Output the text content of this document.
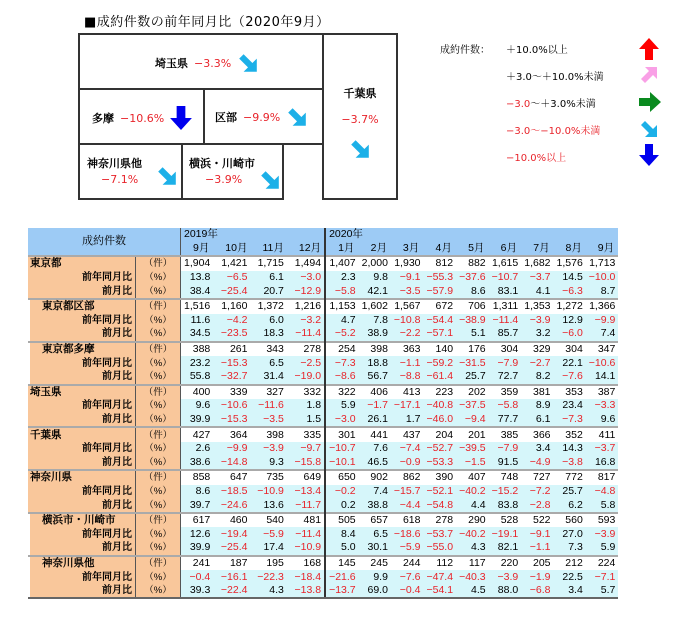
■成約件数の前年同月比（2020年9月）
埼玉県 −3.3%
多摩 −10.6%	区部 −9.9%
神奈川県他
−7.1%
横浜・川崎市
−3.9%
千葉県
−3.7%
成約件数： ＋10.0%以上
＋3.0～＋10.0%未満
−3.0～＋3.0%未満
−3.0～−10.0%未満
−10.0%以上
成約件数		2019年				2020年								
		9月	10月	11月	12月	1月	2月	3月	4月	5月	6月	7月	8月	9月
東京都	（件）	1,904	1,421	1,715	1,494	1,407	2,000	1,930	812	882	1,615	1,682	1,576	1,713
前年同月比	（%）	13.8	−6.5	6.1	−3.0	2.3	9.8	−9.1	−55.3	−37.6	−10.7	−3.7	14.5	−10.0
前月比	（%）	38.4	−25.4	20.7	−12.9	−5.8	42.1	−3.5	−57.9	8.6	83.1	4.1	−6.3	8.7
東京都区部	（件）	1,516	1,160	1,372	1,216	1,153	1,602	1,567	672	706	1,311	1,353	1,272	1,366
前年同月比	（%）	11.6	−4.2	6.0	−3.2	4.7	7.8	−10.8	−54.4	−38.9	−11.4	−3.9	12.9	−9.9
前月比	（%）	34.5	−23.5	18.3	−11.4	−5.2	38.9	−2.2	−57.1	5.1	85.7	3.2	−6.0	7.4
東京都多摩	（件）	388	261	343	278	254	398	363	140	176	304	329	304	347
前年同月比	（%）	23.2	−15.3	6.5	−2.5	−7.3	18.8	−1.1	−59.2	−31.5	−7.9	−2.7	22.1	−10.6
前月比	（%）	55.8	−32.7	31.4	−19.0	−8.6	56.7	−8.8	−61.4	25.7	72.7	8.2	−7.6	14.1
埼玉県	（件）	400	339	327	332	322	406	413	223	202	359	381	353	387
前年同月比	（%）	9.6	−10.6	−11.6	1.8	5.9	−1.7	−17.1	−40.8	−37.5	−5.8	8.9	23.4	−3.3
前月比	（%）	39.9	−15.3	−3.5	1.5	−3.0	26.1	1.7	−46.0	−9.4	77.7	6.1	−7.3	9.6
千葉県	（件）	427	364	398	335	301	441	437	204	201	385	366	352	411
前年同月比	（%）	2.6	−9.9	−3.9	−9.7	−10.7	7.6	−7.4	−52.7	−39.5	−7.9	3.4	14.3	−3.7
前月比	（%）	38.6	−14.8	9.3	−15.8	−10.1	46.5	−0.9	−53.3	−1.5	91.5	−4.9	−3.8	16.8
神奈川県	（件）	858	647	735	649	650	902	862	390	407	748	727	772	817
前年同月比	（%）	8.6	−18.5	−10.9	−13.4	−0.2	7.4	−15.7	−52.1	−40.2	−15.2	−7.2	25.7	−4.8
前月比	（%）	39.7	−24.6	13.6	−11.7	0.2	38.8	−4.4	−54.8	4.4	83.8	−2.8	6.2	5.8
横浜市・川崎市	（件）	617	460	540	481	505	657	618	278	290	528	522	560	593
前年同月比	（%）	12.6	−19.4	−5.9	−11.4	8.4	6.5	−18.6	−53.7	−40.2	−19.1	−9.1	27.0	−3.9
前月比	（%）	39.9	−25.4	17.4	−10.9	5.0	30.1	−5.9	−55.0	4.3	82.1	−1.1	7.3	5.9
神奈川県他	（件）	241	187	195	168	145	245	244	112	117	220	205	212	224
前年同月比	（%）	−0.4	−16.1	−22.3	−18.4	−21.6	9.9	−7.6	−47.4	−40.3	−3.9	−1.9	22.5	−7.1
前月比	（%）	39.3	−22.4	4.3	−13.8	−13.7	69.0	−0.4	−54.1	4.5	88.0	−6.8	3.4	5.7
